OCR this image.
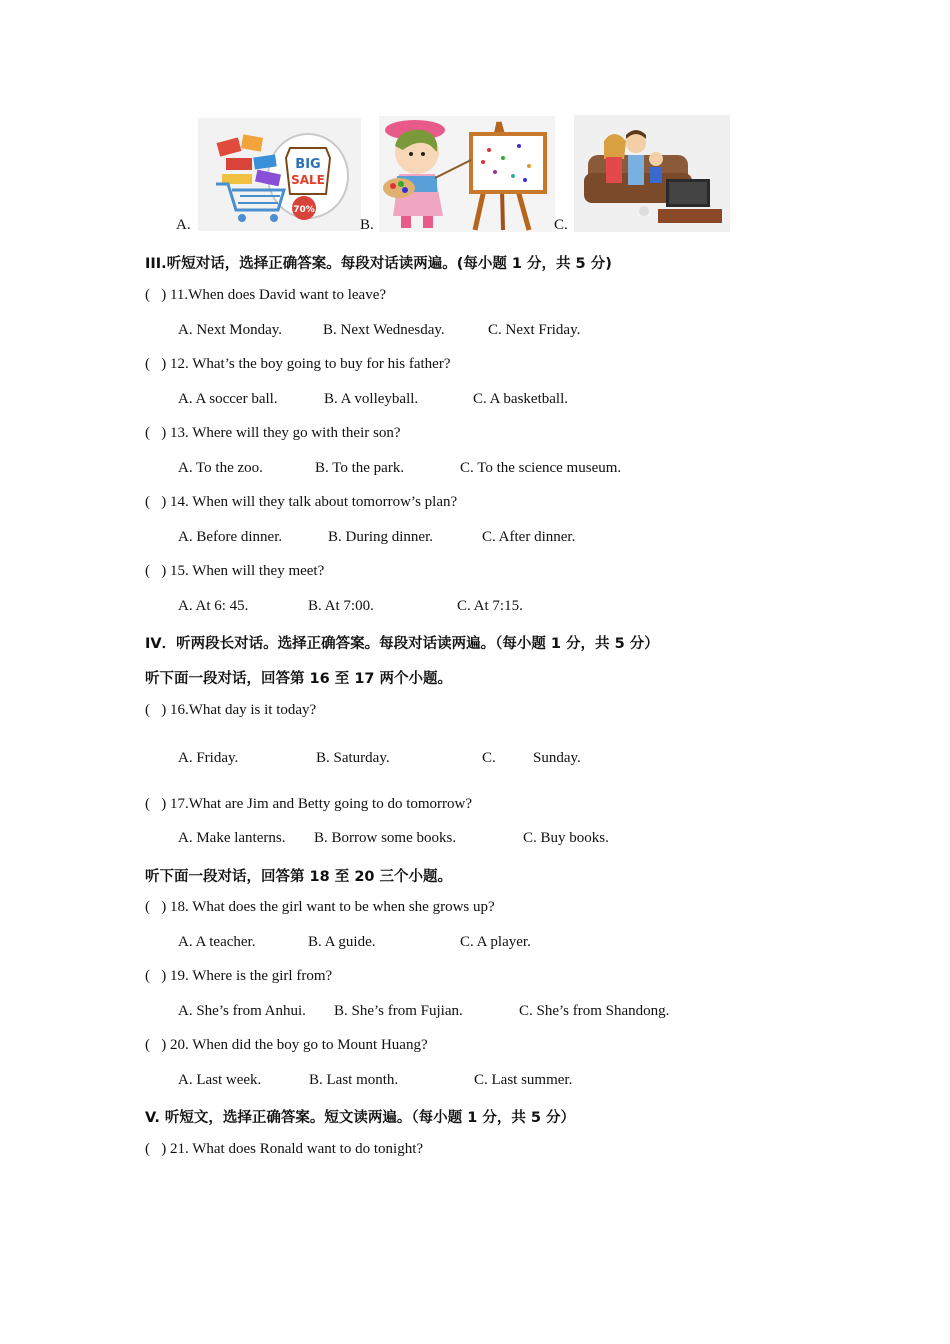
A.
BIG
SALE
70%
B.	C.
III.听短对话，选择正确答案。每段对话读两遍。(每小题 1 分，共 5 分)
(   ) 11.When does David want to leave?
A. Next Monday.	B. Next Wednesday.	C. Next Friday.
(   ) 12. What’s the boy going to buy for his father?
A. A soccer ball.	B. A volleyball.	C. A basketball.
(   ) 13. Where will they go with their son?
A. To the zoo.	B. To the park.	C. To the science museum.
(   ) 14. When will they talk about tomorrow’s plan?
A. Before dinner.	B. During dinner.	C. After dinner.
(   ) 15. When will they meet?
A. At 6: 45.	B. At 7:00.	C. At 7:15.
IV．听两段长对话。选择正确答案。每段对话读两遍。（每小题 1 分，共 5 分）
听下面一段对话，回答第 16 至 17 两个小题。
(   ) 16.What day is it today?
A. Friday.	B. Saturday.	C. Sunday.
(   ) 17.What are Jim and Betty going to do tomorrow?
A. Make lanterns. B. Borrow some books.	C. Buy books.
听下面一段对话，回答第 18 至 20 三个小题。
(   ) 18. What does the girl want to be when she grows up?
A. A teacher.	B. A guide.	C. A player.
(   ) 19. Where is the girl from?
A. She’s from Anhui. B. She’s from Fujian.	C. She’s from Shandong.
(   ) 20. When did the boy go to Mount Huang?
A. Last week.	B. Last month.	C. Last summer.
V. 听短文，选择正确答案。短文读两遍。（每小题 1 分，共 5 分）
(   ) 21. What does Ronald want to do tonight?
